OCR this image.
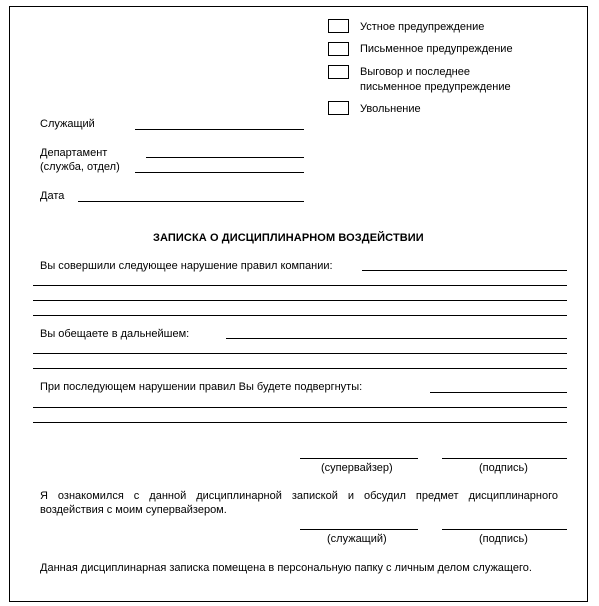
Устное предупреждение
Письменное предупреждение
Выговор и последнее
письменное предупреждение
Увольнение
Служащий
Департамент
(служба, отдел)
Дата
ЗАПИСКА О ДИСЦИПЛИНАРНОМ ВОЗДЕЙСТВИИ
Вы совершили следующее нарушение правил компании:
Вы обещаете в дальнейшем:
При последующем нарушении правил Вы будете подвергнуты:
(супервайзер)	(подпись)
Я ознакомился с данной дисциплинарной запиской и обсудил предмет дисциплинарного воздействия с моим супервайзером.
(служащий)	(подпись)
Данная дисциплинарная записка помещена в персональную папку с личным делом служащего.
